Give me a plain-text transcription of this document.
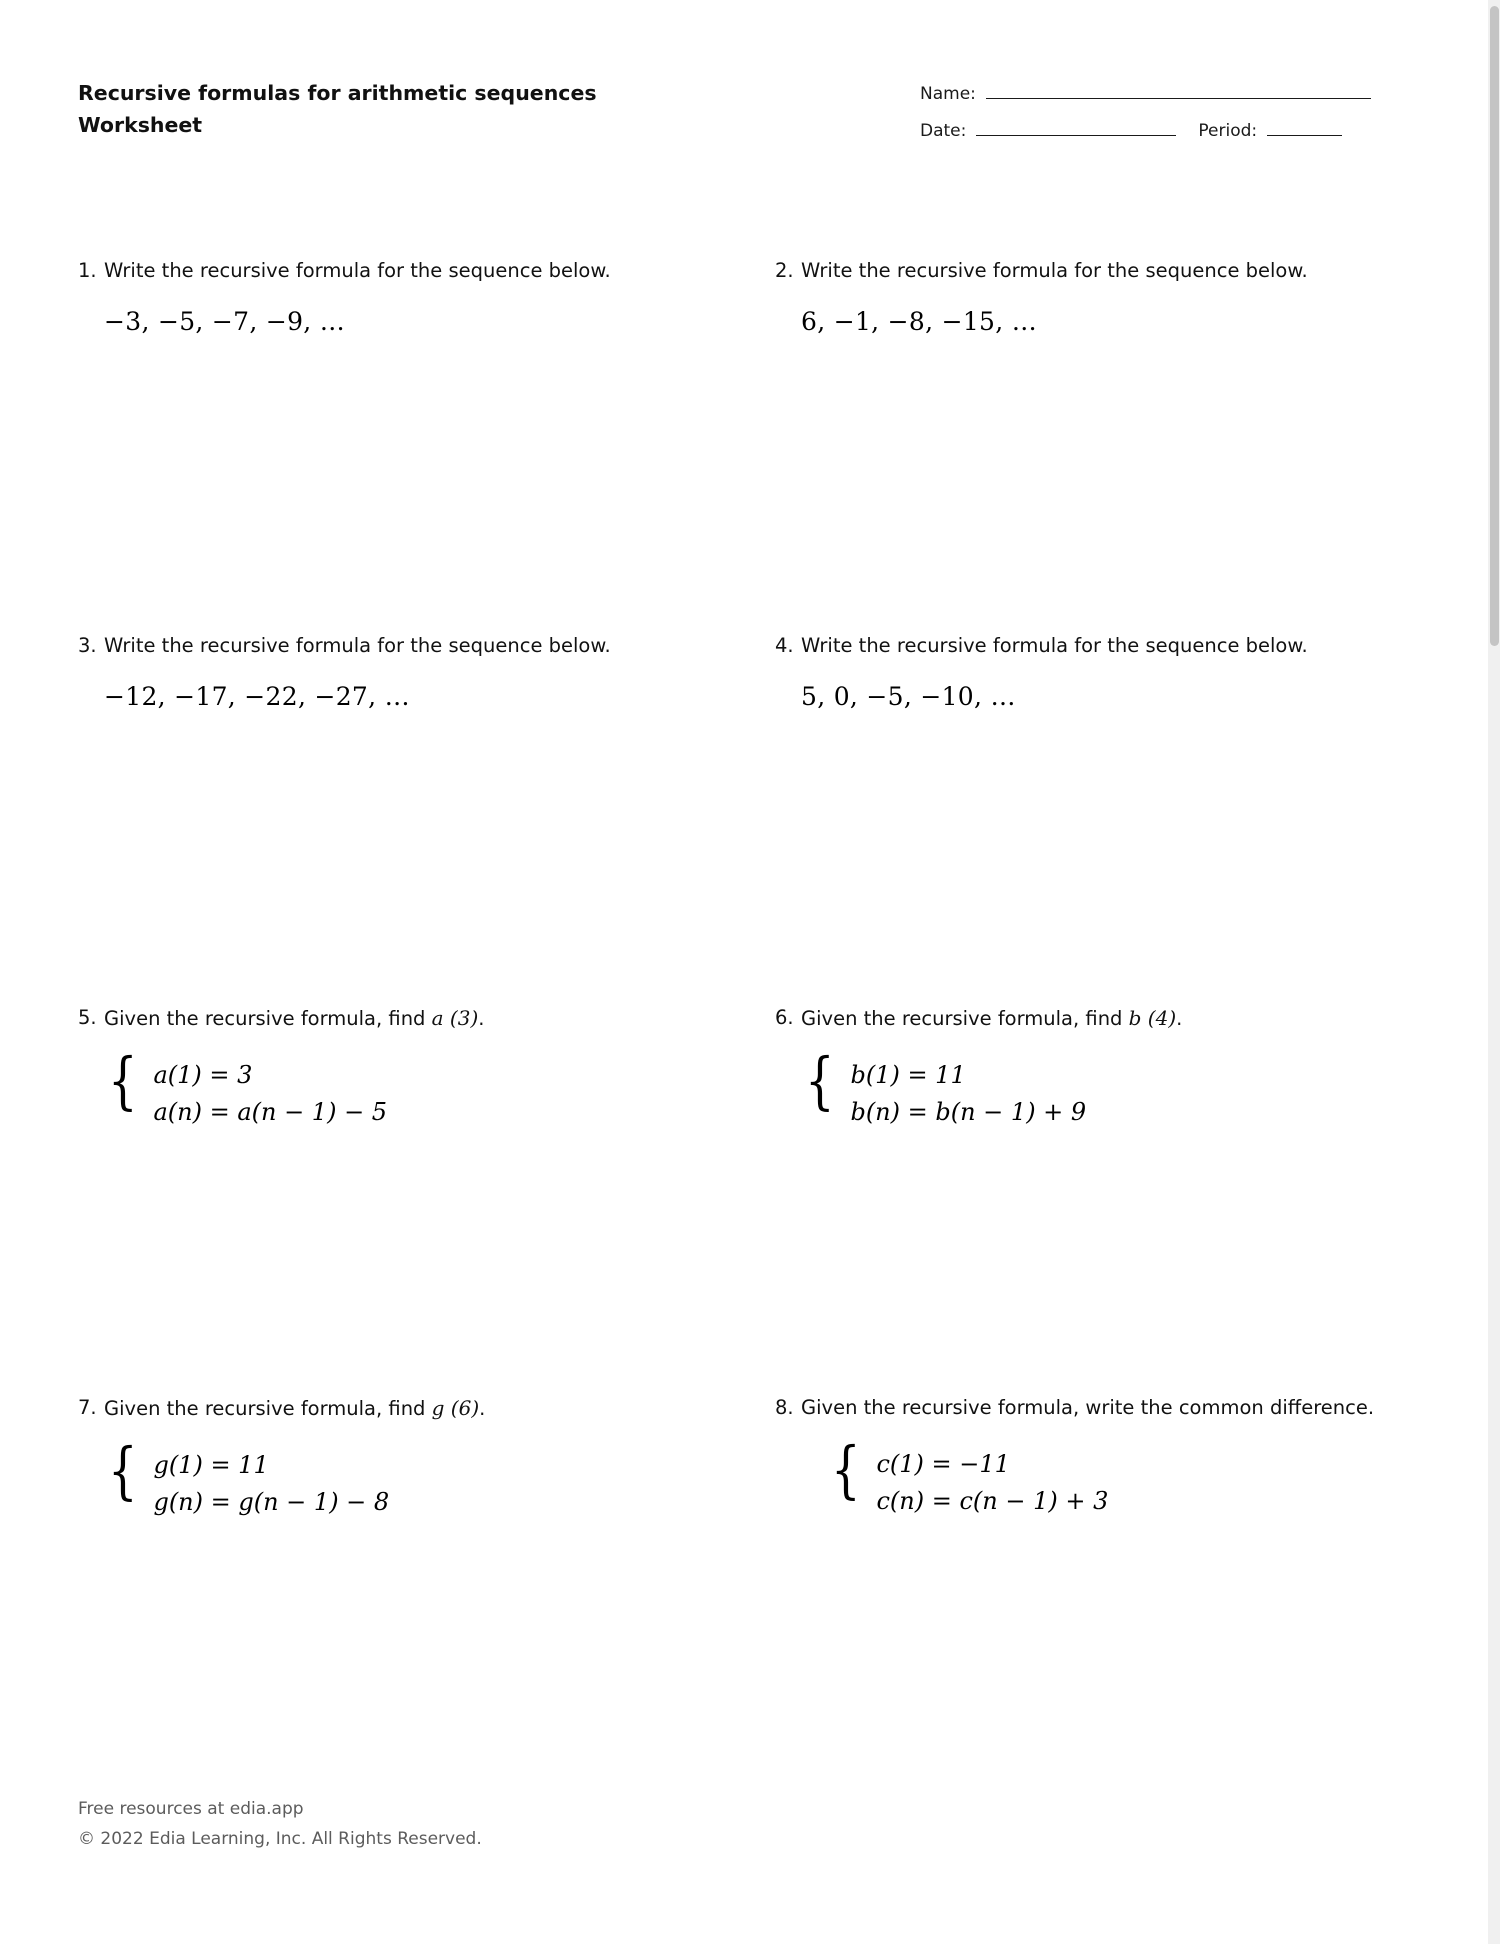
Recursive formulas for arithmetic sequences
Worksheet
Name:
Date:	Period:
1. Write the recursive formula for the sequence below.
−3, −5, −7, −9, …
2. Write the recursive formula for the sequence below.
6, −1, −8, −15, …
3. Write the recursive formula for the sequence below.
−12, −17, −22, −27, …
4. Write the recursive formula for the sequence below.
5, 0, −5, −10, …
5. Given the recursive formula, find a (3).
{ a(1) = 3
a(n) = a(n − 1) − 5
6. Given the recursive formula, find b (4).
{ b(1) = 11
b(n) = b(n − 1) + 9
7. Given the recursive formula, find g (6).
{ g(1) = 11
g(n) = g(n − 1) − 8
8. Given the recursive formula, write the common difference.
{ c(1) = −11
c(n) = c(n − 1) + 3
Free resources at edia.app
© 2022 Edia Learning, Inc. All Rights Reserved.
